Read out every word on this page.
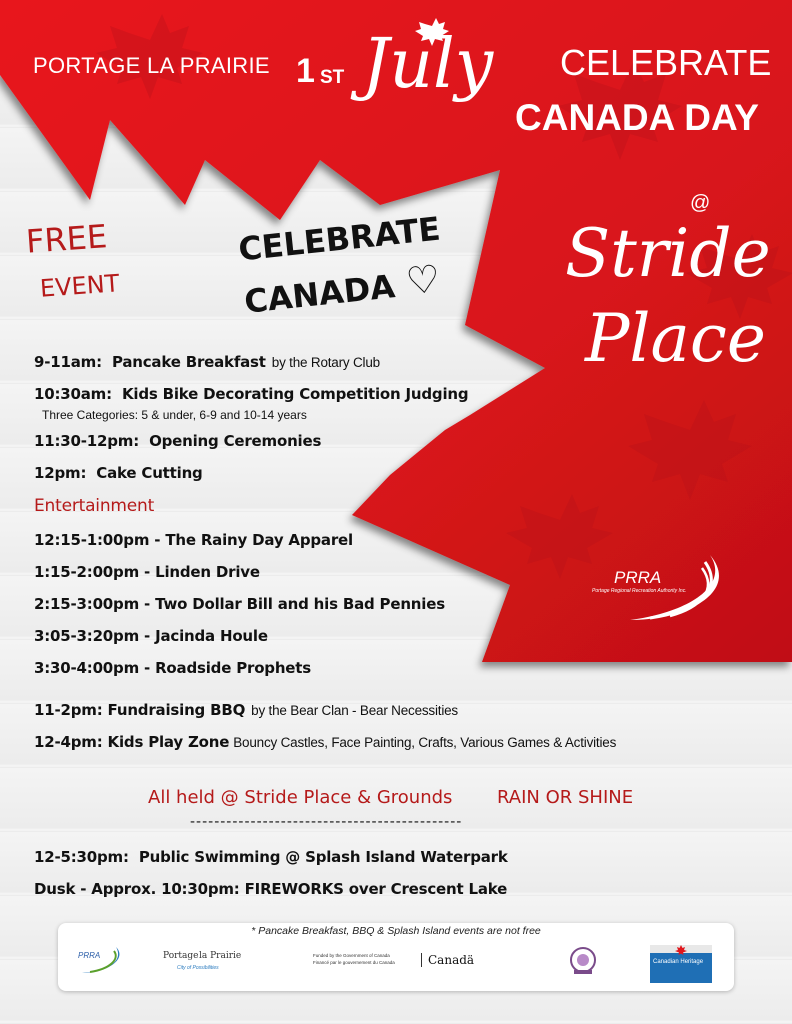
PORTAGE LA PRAIRIE 1 ST July CELEBRATE
CANADA DAY
@
Stride
Place
PRRA
Portage Regional Recreation Authority Inc.
FREE
EVENT
CELEBRATE
CANADA ♡
9-11am: Pancake Breakfast by the Rotary Club
10:30am: Kids Bike Decorating Competition Judging
Three Categories: 5 & under, 6-9 and 10-14 years
11:30-12pm: Opening Ceremonies
12pm: Cake Cutting
Entertainment
12:15-1:00pm - The Rainy Day Apparel
1:15-2:00pm - Linden Drive
2:15-3:00pm - Two Dollar Bill and his Bad Pennies
3:05-3:20pm - Jacinda Houle
3:30-4:00pm - Roadside Prophets
11-2pm: Fundraising BBQ by the Bear Clan - Bear Necessities
12-4pm: Kids Play Zone Bouncy Castles, Face Painting, Crafts, Various Games & Activities
All held @ Stride Place & Grounds RAIN OR SHINE
---------------------------------------------
12-5:30pm: Public Swimming @ Splash Island Waterpark
Dusk - Approx. 10:30pm: FIREWORKS over Crescent Lake
* Pancake Breakfast, BBQ & Splash Island events are not free
PRRA	Portage la Prairie
City of Possibilities
Funded by the Government of Canada
Financé par le gouvernement du Canada	Canadä	Canadian Heritage
